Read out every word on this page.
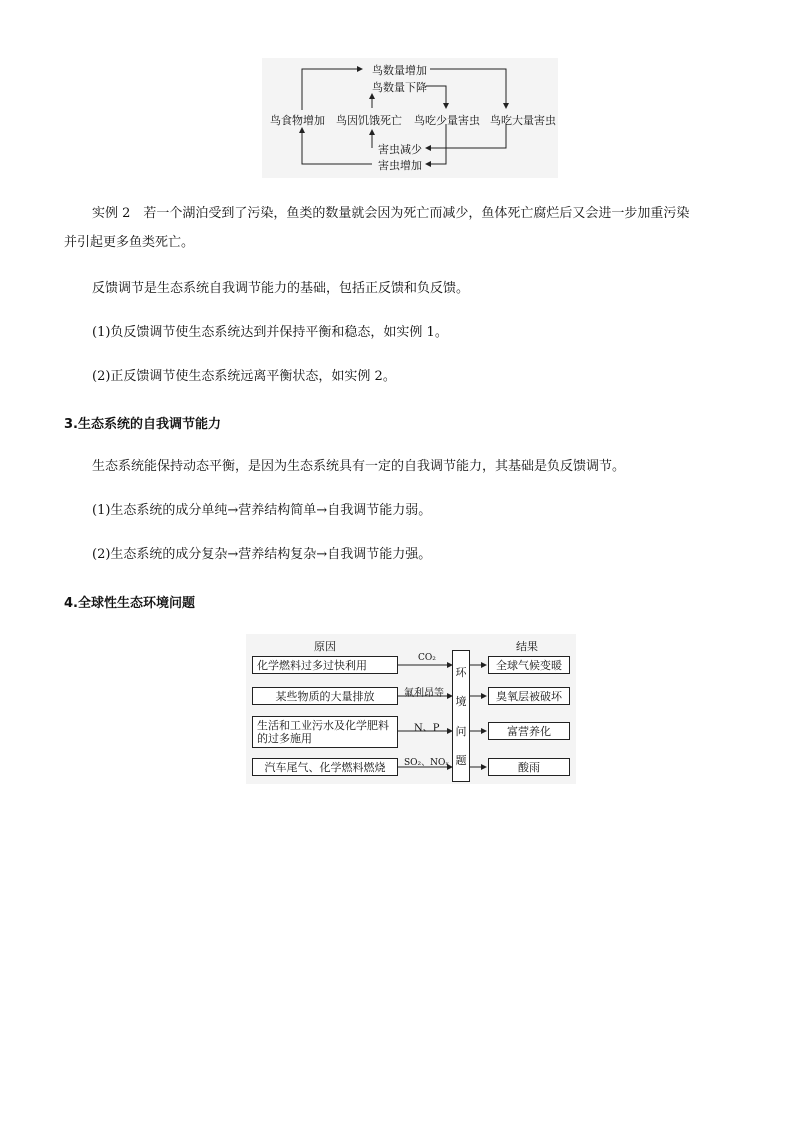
鸟数量增加
鸟数量下降
鸟食物增加 鸟因饥饿死亡 鸟吃少量害虫 鸟吃大量害虫
害虫减少
害虫增加
实例 2　若一个湖泊受到了污染，鱼类的数量就会因为死亡而减少，鱼体死亡腐烂后又会进一步加重污染
并引起更多鱼类死亡。
反馈调节是生态系统自我调节能力的基础，包括正反馈和负反馈。
(1)负反馈调节使生态系统达到并保持平衡和稳态，如实例 1。
(2)正反馈调节使生态系统远离平衡状态，如实例 2。
3.生态系统的自我调节能力
生态系统能保持动态平衡，是因为生态系统具有一定的自我调节能力，其基础是负反馈调节。
(1)生态系统的成分单纯→营养结构简单→自我调节能力弱。
(2)生态系统的成分复杂→营养结构复杂→自我调节能力强。
4.全球性生态环境问题
原因	结果
化学燃料过多过快利用
某些物质的大量排放
生活和工业污水及化学肥料
的过多施用
汽车尾气、化学燃料燃烧
CO₂
氟利昂等
N、P
SO₂、NOₓ
环
境
问
题
全球气候变暖
臭氧层被破坏
富营养化
酸雨
